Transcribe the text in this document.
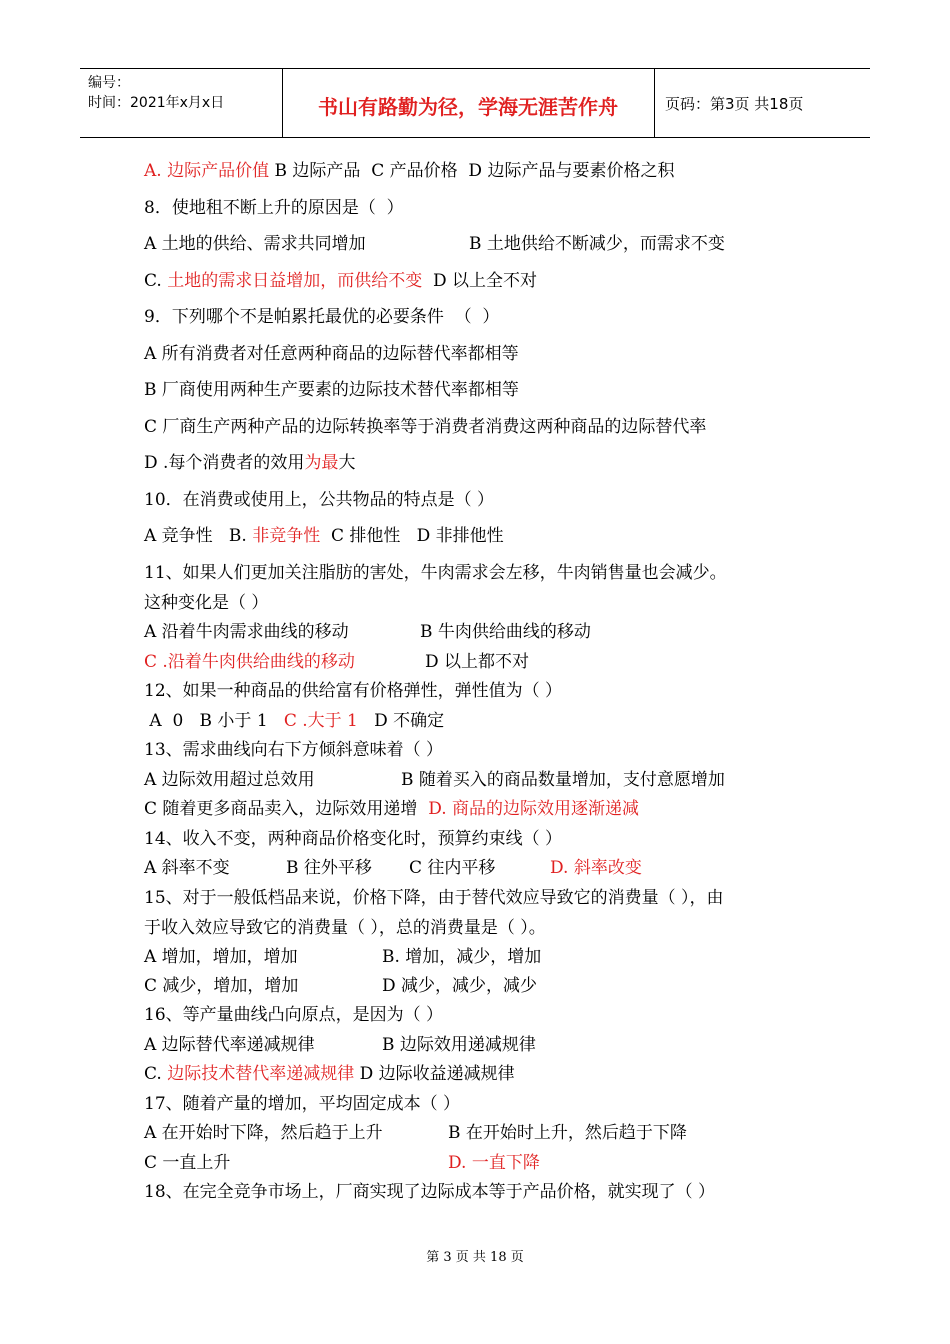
编号：
时间：2021年x月x日	书山有路勤为径，学海无涯苦作舟	页码：第3页 共18页
A. 边际产品价值 B 边际产品  C 产品价格  D 边际产品与要素价格之积
8．使地租不断上升的原因是（  ）
A 土地的供给、需求共同增加	B 土地供给不断减少，而需求不变
C. 土地的需求日益增加，而供给不变  D 以上全不对
9．下列哪个不是帕累托最优的必要条件  （  ）
A 所有消费者对任意两种商品的边际替代率都相等
B 厂商使用两种生产要素的边际技术替代率都相等
C 厂商生产两种产品的边际转换率等于消费者消费这两种商品的边际替代率
D .每个消费者的效用为最大
10．在消费或使用上，公共物品的特点是（ ）
A 竞争性   B. 非竞争性  C 排他性   D 非排他性
11、如果人们更加关注脂肪的害处，牛肉需求会左移，牛肉销售量也会减少。
这种变化是（ ）
A 沿着牛肉需求曲线的移动	B 牛肉供给曲线的移动
C .沿着牛肉供给曲线的移动	D 以上都不对
12、如果一种商品的供给富有价格弹性，弹性值为（ ）
A  0   B 小于 1   C .大于 1   D 不确定
13、需求曲线向右下方倾斜意味着（ ）
A 边际效用超过总效用	B 随着买入的商品数量增加，支付意愿增加
C 随着更多商品卖入，边际效用递增  D. 商品的边际效用逐渐递减
14、收入不变，两种商品价格变化时，预算约束线（ ）
A 斜率不变	B 往外平移 C 往内平移	D. 斜率改变
15、对于一般低档品来说，价格下降，由于替代效应导致它的消费量（ ），由
于收入效应导致它的消费量（ ），总的消费量是（ ）。
A 增加，增加，增加	B. 增加，减少，增加
C 减少，增加，增加	D 减少，减少，减少
16、等产量曲线凸向原点，是因为（ ）
A 边际替代率递减规律	B 边际效用递减规律
C. 边际技术替代率递减规律 D 边际收益递减规律
17、随着产量的增加，平均固定成本（ ）
A 在开始时下降，然后趋于上升	B 在开始时上升，然后趋于下降
C 一直上升	D. 一直下降
18、在完全竞争市场上，厂商实现了边际成本等于产品价格，就实现了（ ）
第 3 页 共 18 页
